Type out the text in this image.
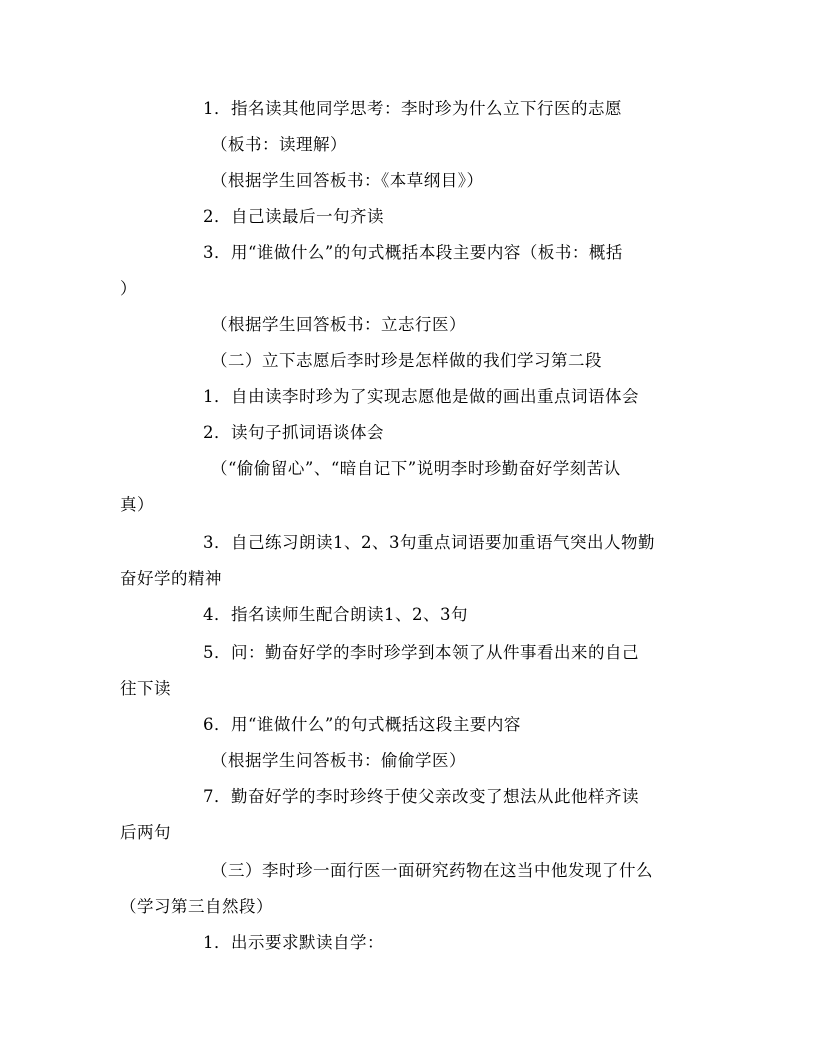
1．指名读其他同学思考：李时珍为什么立下行医的志愿
（板书：读理解）
（根据学生回答板书：《本草纲目》）
2．自己读最后一句齐读
3．用“谁做什么”的句式概括本段主要内容（板书：概括
）
（根据学生回答板书：立志行医）
（二）立下志愿后李时珍是怎样做的我们学习第二段
1．自由读李时珍为了实现志愿他是做的画出重点词语体会
2．读句子抓词语谈体会
（“偷偷留心”、“暗自记下”说明李时珍勤奋好学刻苦认
真）
3．自己练习朗读1、2、3句重点词语要加重语气突出人物勤
奋好学的精神
4．指名读师生配合朗读1、2、3句
5．问：勤奋好学的李时珍学到本领了从件事看出来的自己
往下读
6．用“谁做什么”的句式概括这段主要内容
（根据学生问答板书：偷偷学医）
7．勤奋好学的李时珍终于使父亲改变了想法从此他样齐读
后两句
（三）李时珍一面行医一面研究药物在这当中他发现了什么
（学习第三自然段）
1．出示要求默读自学：
